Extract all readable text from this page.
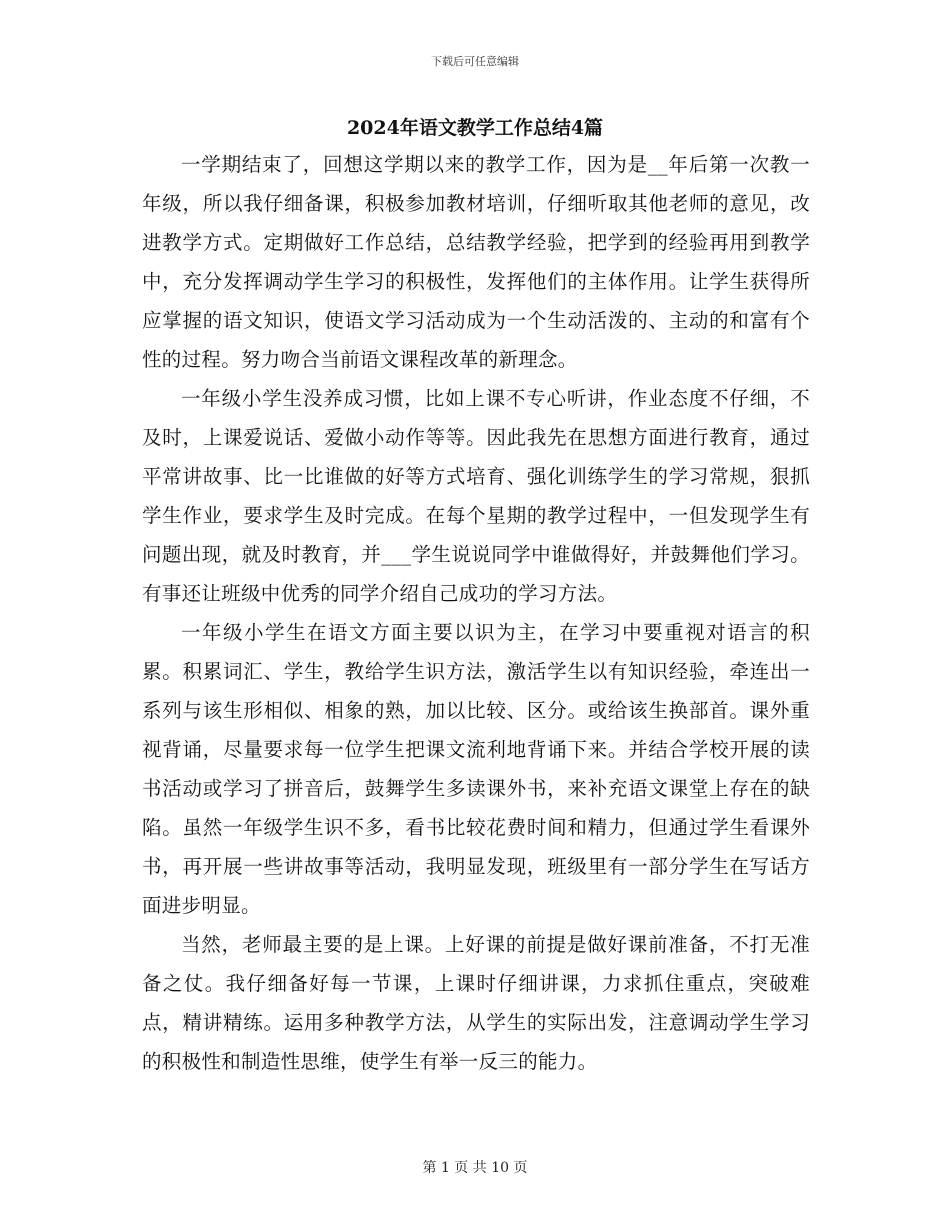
下载后可任意编辑
2024年语文教学工作总结4篇

一学期结束了，回想这学期以来的教学工作，因为是__年后第一次教一年级，所以我仔细备课，积极参加教材培训，仔细听取其他老师的意见，改进教学方式。定期做好工作总结，总结教学经验，把学到的经验再用到教学中，充分发挥调动学生学习的积极性，发挥他们的主体作用。让学生获得所应掌握的语文知识，使语文学习活动成为一个生动活泼的、主动的和富有个性的过程。努力吻合当前语文课程改革的新理念。

一年级小学生没养成习惯，比如上课不专心听讲，作业态度不仔细，不及时，上课爱说话、爱做小动作等等。因此我先在思想方面进行教育，通过平常讲故事、比一比谁做的好等方式培育、强化训练学生的学习常规，狠抓学生作业，要求学生及时完成。在每个星期的教学过程中，一但发现学生有问题出现，就及时教育，并___学生说说同学中谁做得好，并鼓舞他们学习。有事还让班级中优秀的同学介绍自己成功的学习方法。

一年级小学生在语文方面主要以识为主，在学习中要重视对语言的积累。积累词汇、学生，教给学生识方法，激活学生以有知识经验，牵连出一系列与该生形相似、相象的熟，加以比较、区分。或给该生换部首。课外重视背诵，尽量要求每一位学生把课文流利地背诵下来。并结合学校开展的读书活动或学习了拼音后，鼓舞学生多读课外书，来补充语文课堂上存在的缺陷。虽然一年级学生识不多，看书比较花费时间和精力，但通过学生看课外书，再开展一些讲故事等活动，我明显发现，班级里有一部分学生在写话方面进步明显。

当然，老师最主要的是上课。上好课的前提是做好课前准备，不打无准备之仗。我仔细备好每一节课，上课时仔细讲课，力求抓住重点，突破难点，精讲精练。运用多种教学方法，从学生的实际出发，注意调动学生学习的积极性和制造性思维，使学生有举一反三的能力。

第 1 页 共 10 页
